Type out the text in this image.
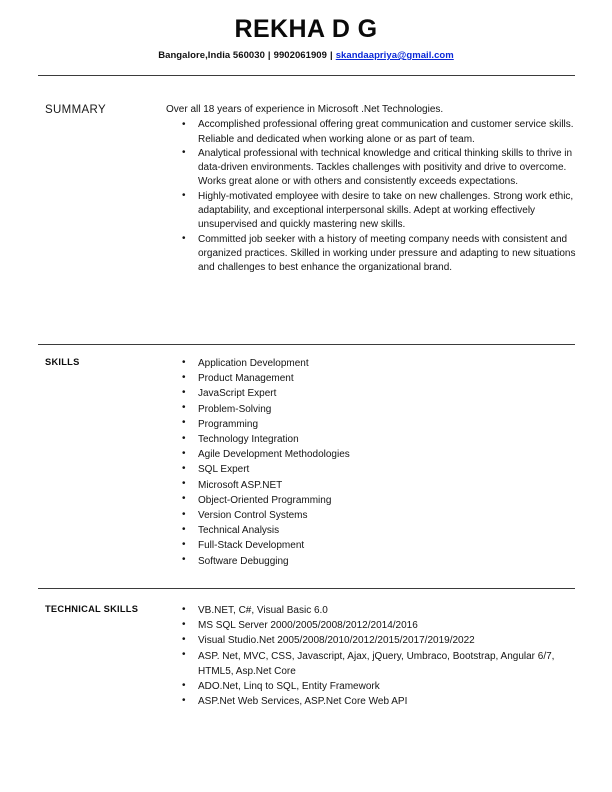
REKHA D G
Bangalore,India 560030 | 9902061909 | skandaapriya@gmail.com
SUMMARY	Over all 18 years of experience in Microsoft .Net Technologies.

• Accomplished professional offering great communication and customer service skills. Reliable and dedicated when working alone or as part of team.
• Analytical professional with technical knowledge and critical thinking skills to thrive in data-driven environments. Tackles challenges with positivity and drive to overcome. Works great alone or with others and consistently exceeds expectations.
• Highly-motivated employee with desire to take on new challenges. Strong work ethic, adaptability, and exceptional interpersonal skills. Adept at working effectively unsupervised and quickly mastering new skills.
• Committed job seeker with a history of meeting company needs with consistent and organized practices. Skilled in working under pressure and adapting to new situations and challenges to best enhance the organizational brand.
SKILLS	• Application Development
• Product Management
• JavaScript Expert
• Problem-Solving
• Programming
• Technology Integration
• Agile Development Methodologies
• SQL Expert
• Microsoft ASP.NET
• Object-Oriented Programming
• Version Control Systems
• Technical Analysis
• Full-Stack Development
• Software Debugging
TECHNICAL SKILLS	• VB.NET, C#, Visual Basic 6.0
• MS SQL Server 2000/2005/2008/2012/2014/2016
• Visual Studio.Net 2005/2008/2010/2012/2015/2017/2019/2022
• ASP. Net, MVC, CSS, Javascript, Ajax, jQuery, Umbraco, Bootstrap, Angular 6/7, HTML5, Asp.Net Core
• ADO.Net, Linq to SQL, Entity Framework
• ASP.Net Web Services, ASP.Net Core Web API
